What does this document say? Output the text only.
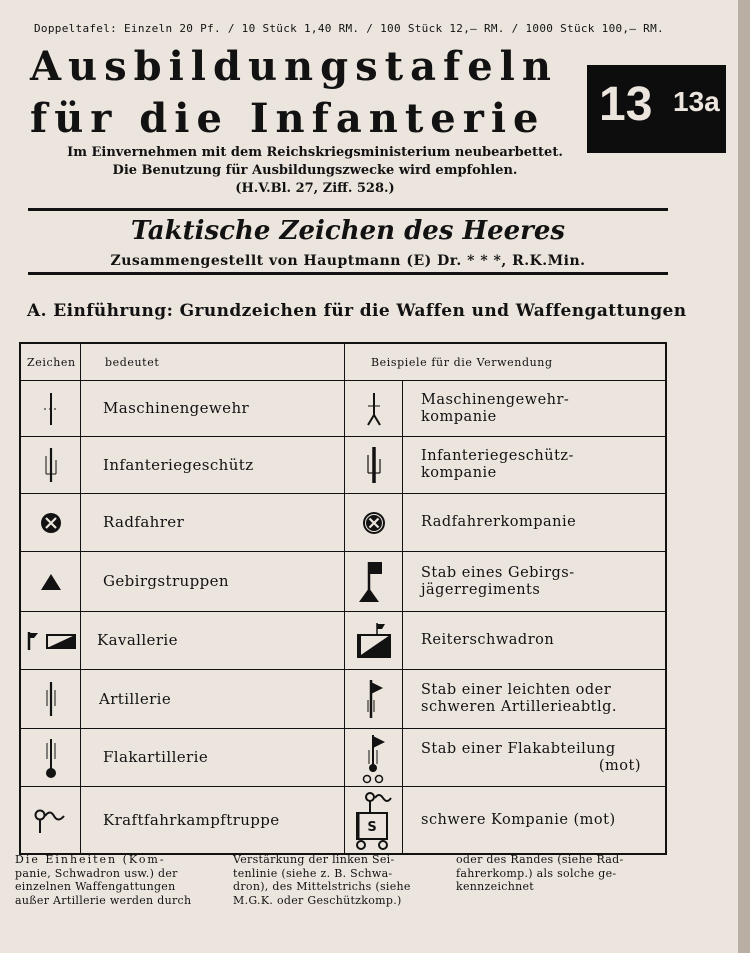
Doppeltafel: Einzeln 20 Pf. / 10 Stück 1,40 RM. / 100 Stück 12,— RM. / 1000 Stück 100,— RM.
Ausbildungstafeln
für die Infanterie 13 13a
Im Einvernehmen mit dem Reichskriegsministerium neubearbettet.
Die Benutzung für Ausbildungszwecke wird empfohlen.
(H.V.Bl. 27, Ziff. 528.)
Taktische Zeichen des Heeres
Zusammengestellt von Hauptmann (E) Dr. * * *, R.K.Min.
A. Einführung: Grundzeichen für die Waffen und Waffengattungen
Zeichen	bedeutet	Beispiele für die Verwendung
Maschinengewehr	Maschinengewehr-
kompanie
Infanteriegeschütz	Infanteriegeschütz-
kompanie
Radfahrer	Radfahrerkompanie
Gebirgstruppen	Stab eines Gebirgs-
jägerregiments
Kavallerie	Reiterschwadron
Artillerie	Stab einer leichten oder
schweren Artillerieabtlg.
Flakartillerie	Stab einer Flakabteilung
(mot)
Kraftfahrkampftruppe	S	schwere Kompanie (mot)
Die Einheiten (Kom-
panie, Schwadron usw.) der
einzelnen Waffengattungen
außer Artillerie werden durch
Verstärkung der linken Sei-
tenlinie (siehe z. B. Schwa-
dron), des Mittelstrichs (siehe
M.G.K. oder Geschützkomp.)
oder des Randes (siehe Rad-
fahrerkomp.) als solche ge-
kennzeichnet
